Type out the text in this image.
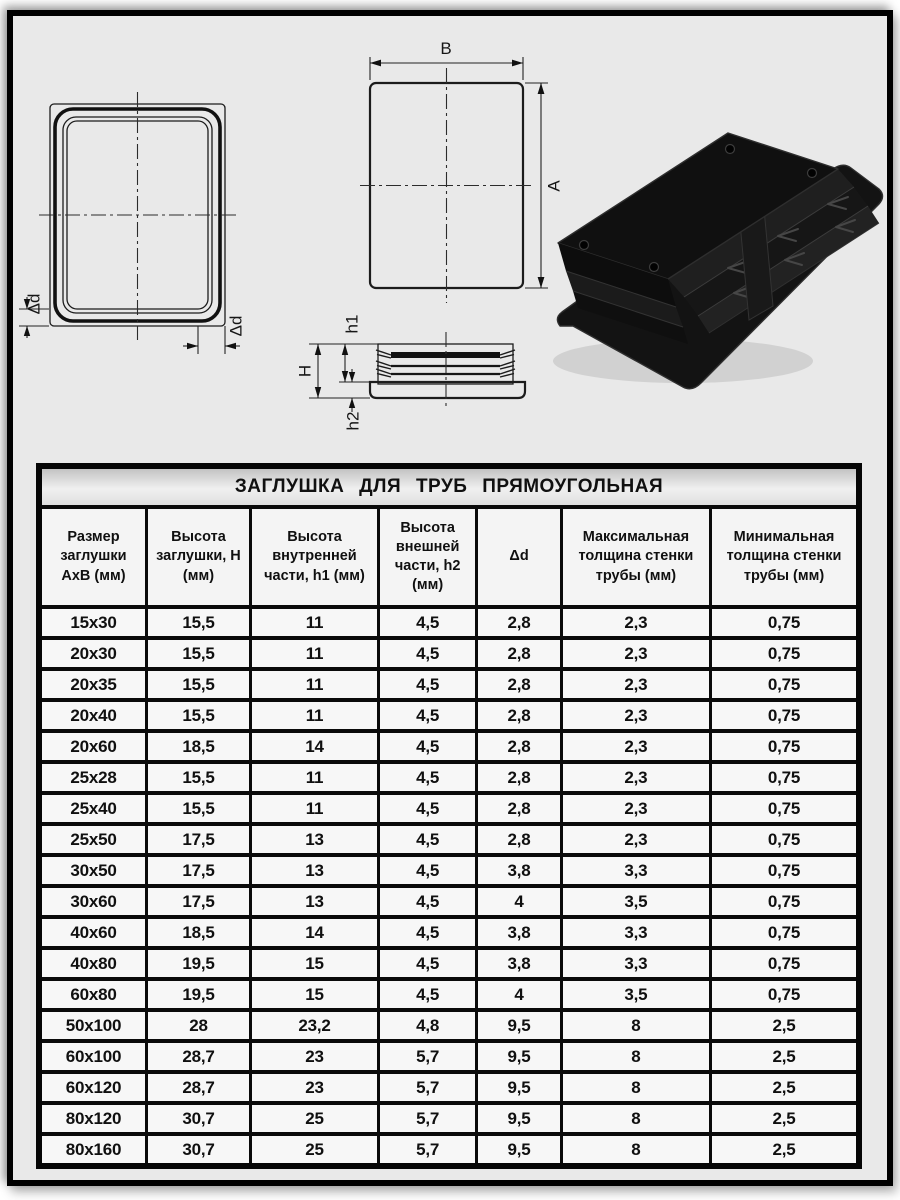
Δd
Δd
B
A
H
h1
h2
ЗАГЛУШКА ДЛЯ ТРУБ ПРЯМОУГОЛЬНАЯ						
Размер заглушки АхВ (мм)	Высота заглушки, Н (мм)	Высота внутренней части, h1 (мм)	Высота внешней части, h2 (мм)	Δd	Максимальная толщина стенки трубы (мм)	Минимальная толщина стенки трубы (мм)
15x30	15,5	11	4,5	2,8	2,3	0,75
20x30	15,5	11	4,5	2,8	2,3	0,75
20x35	15,5	11	4,5	2,8	2,3	0,75
20x40	15,5	11	4,5	2,8	2,3	0,75
20x60	18,5	14	4,5	2,8	2,3	0,75
25x28	15,5	11	4,5	2,8	2,3	0,75
25x40	15,5	11	4,5	2,8	2,3	0,75
25x50	17,5	13	4,5	2,8	2,3	0,75
30x50	17,5	13	4,5	3,8	3,3	0,75
30x60	17,5	13	4,5	4	3,5	0,75
40x60	18,5	14	4,5	3,8	3,3	0,75
40x80	19,5	15	4,5	3,8	3,3	0,75
60x80	19,5	15	4,5	4	3,5	0,75
50x100	28	23,2	4,8	9,5	8	2,5
60x100	28,7	23	5,7	9,5	8	2,5
60x120	28,7	23	5,7	9,5	8	2,5
80x120	30,7	25	5,7	9,5	8	2,5
80x160	30,7	25	5,7	9,5	8	2,5
